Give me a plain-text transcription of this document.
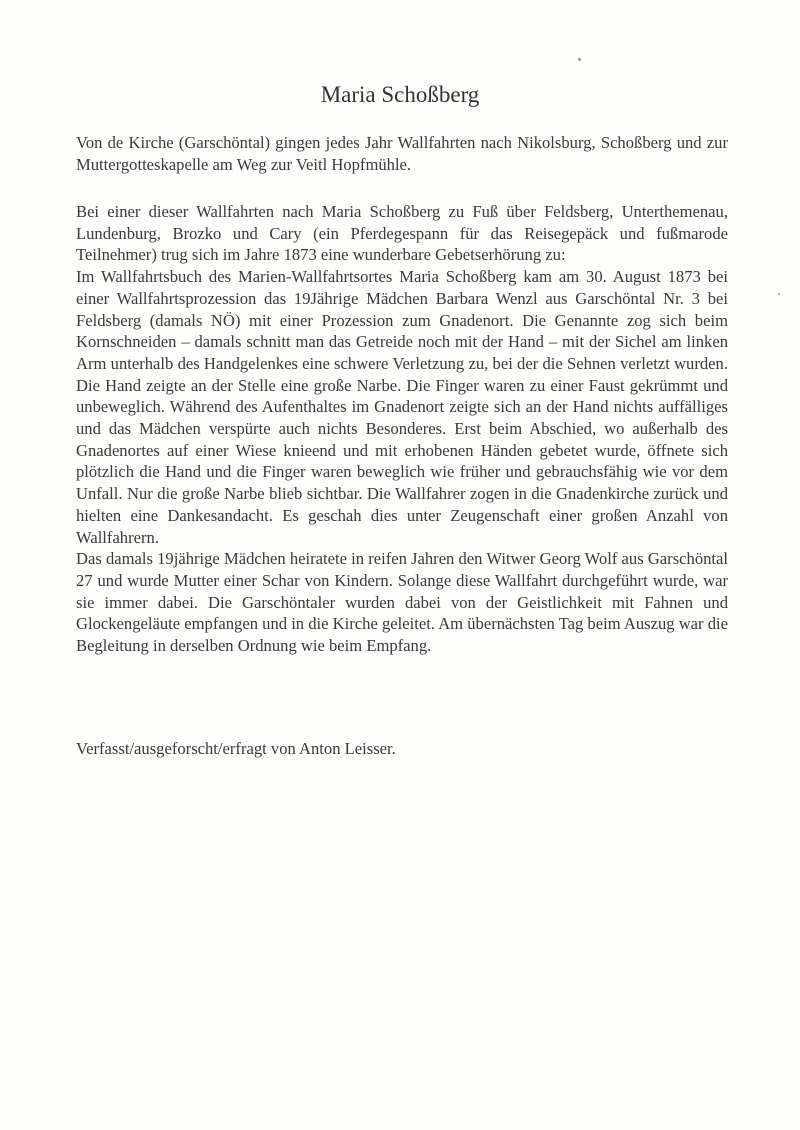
Maria Schoßberg

Von de Kirche (Garschöntal) gingen jedes Jahr Wallfahrten nach Nikolsburg, Schoßberg und zur Muttergotteskapelle am Weg zur Veitl Hopfmühle.

Bei einer dieser Wallfahrten nach Maria Schoßberg zu Fuß über Feldsberg, Unterthemenau, Lundenburg, Brozko und Cary (ein Pferdegespann für das Reisegepäck und fußmarode Teilnehmer) trug sich im Jahre 1873 eine wunderbare Gebetserhörung zu:

Im Wallfahrtsbuch des Marien-Wallfahrtsortes Maria Schoßberg kam am 30. August 1873 bei einer Wallfahrtsprozession das 19Jährige Mädchen Barbara Wenzl aus Garschöntal Nr. 3 bei Feldsberg (damals NÖ) mit einer Prozession zum Gnadenort. Die Genannte zog sich beim Kornschneiden – damals schnitt man das Getreide noch mit der Hand – mit der Sichel am linken Arm unterhalb des Handgelenkes eine schwere Verletzung zu, bei der die Sehnen verletzt wurden. Die Hand zeigte an der Stelle eine große Narbe. Die Finger waren zu einer Faust gekrümmt und unbeweglich. Während des Aufenthaltes im Gnadenort zeigte sich an der Hand nichts auffälliges und das Mädchen verspürte auch nichts Besonderes. Erst beim Abschied, wo außerhalb des Gnadenortes auf einer Wiese knieend und mit erhobenen Händen gebetet wurde, öffnete sich plötzlich die Hand und die Finger waren beweglich wie früher und gebrauchsfähig wie vor dem Unfall. Nur die große Narbe blieb sichtbar. Die Wallfahrer zogen in die Gnadenkirche zurück und hielten eine Dankesandacht. Es geschah dies unter Zeugenschaft einer großen Anzahl von Wallfahrern.

Das damals 19jährige Mädchen heiratete in reifen Jahren den Witwer Georg Wolf aus Garschöntal 27 und wurde Mutter einer Schar von Kindern. Solange diese Wallfahrt durchgeführt wurde, war sie immer dabei. Die Garschöntaler wurden dabei von der Geistlichkeit mit Fahnen und Glockengeläute empfangen und in die Kirche geleitet. Am übernächsten Tag beim Auszug war die Begleitung in derselben Ordnung wie beim Empfang.

Verfasst/ausgeforscht/erfragt von Anton Leisser.
